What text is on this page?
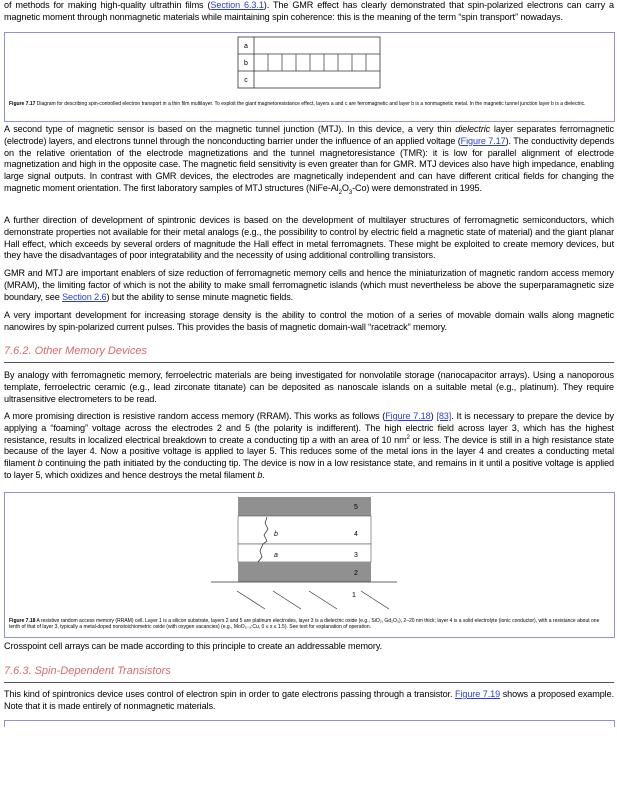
of methods for making high-quality ultrathin films (Section 6.3.1). The GMR effect has clearly demonstrated that spin-polarized electrons can carry a magnetic moment through nonmagnetic materials while maintaining spin coherence: this is the meaning of the term “spin transport” nowadays.

a
b
c
Figure 7.17 Diagram for describing spin-controlled electron transport in a thin film multilayer. To exploit the giant magnetoresistance effect, layers a and c are ferromagnetic and layer b is a nonmagnetic metal. In the magnetic tunnel junction layer b is a dielectric.

A second type of magnetic sensor is based on the magnetic tunnel junction (MTJ). In this device, a very thin dielectric layer separates ferromagnetic (electrode) layers, and electrons tunnel through the nonconducting barrier under the influence of an applied voltage (Figure 7.17). The conductivity depends on the relative orientation of the electrode magnetizations and the tunnel magnetoresistance (TMR): it is low for parallel alignment of electrode magnetization and high in the opposite case. The magnetic field sensitivity is even greater than for GMR. MTJ devices also have high impedance, enabling large signal outputs. In contrast with GMR devices, the electrodes are magnetically independent and can have different critical fields for changing the magnetic moment orientation. The first laboratory samples of MTJ structures $(NiFe-Al_2O_3-Co)$ were demonstrated in 1995.

A further direction of development of spintronic devices is based on the development of multilayer structures of ferromagnetic semiconductors, which demonstrate properties not available for their metal analogs (e.g., the possibility to control by electric field a magnetic state of material) and the giant planar Hall effect, which exceeds by several orders of magnitude the Hall effect in metal ferromagnets. These might be exploited to create memory devices, but they have the disadvantages of poor integratability and the necessity of using additional controlling transistors.

GMR and MTJ are important enablers of size reduction of ferromagnetic memory cells and hence the miniaturization of magnetic random access memory (MRAM), the limiting factor of which is not the ability to make small ferromagnetic islands (which must nevertheless be above the superparamagnetic size boundary, see Section 2.6) but the ability to sense minute magnetic fields.

A very important development for increasing storage density is the ability to control the motion of a series of movable domain walls along magnetic nanowires by spin-polarized current pulses. This provides the basis of magnetic domain-wall “racetrack” memory.

7.6.2. Other Memory Devices

By analogy with ferromagnetic memory, ferroelectric materials are being investigated for nonvolatile storage (nanocapacitor arrays). Using a nanoporous template, ferroelectric ceramic (e.g., lead zirconate titanate) can be deposited as nanoscale islands on a suitable metal (e.g., platinum). They require ultrasensitive electrometers to be read.

A more promising direction is resistive random access memory (RRAM). This works as follows (Figure 7.18) [83]. It is necessary to prepare the device by applying a “foaming” voltage across the electrodes 2 and 5 (the polarity is indifferent). The high electric field across layer 3, which has the highest resistance, results in localized electrical breakdown to create a conducting tip a with an area of 10 $nm^2$ or less. The device is still in a high resistance state because of the layer 4. Now a positive voltage is applied to layer 5. This reduces some of the metal ions in the layer 4 and creates a conducting metal filament b continuing the path initiated by the conducting tip. The device is now in a low resistance state, and remains in it until a positive voltage is applied to layer 5, which oxidizes and hence destroys the metal filament b.

5
4
3
2
1
b
a
Figure 7.18 A resistive random access memory (RRAM) cell. Layer 1 is a silicon substrate, layers 2 and 5 are platinum electrodes, layer 3 is a dielectric oxide (e.g., SiO₂, Gd₂O₃), 2–20 nm thick; layer 4 is a solid electrolyte (ionic conductor), with a resistance about one tenth of that of layer 3, typically a metal-doped nonstoichiometric oxide (with oxygen vacancies) (e.g., MoO₃₋ₓ:Cu, 0 ≤ x ≤ 1.5). See text for explanation of operation.

Crosspoint cell arrays can be made according to this principle to create an addressable memory.

7.6.3. Spin-Dependent Transistors

This kind of spintronics device uses control of electron spin in order to gate electrons passing through a transistor. Figure 7.19 shows a proposed example. Note that it is made entirely of nonmagnetic materials.
